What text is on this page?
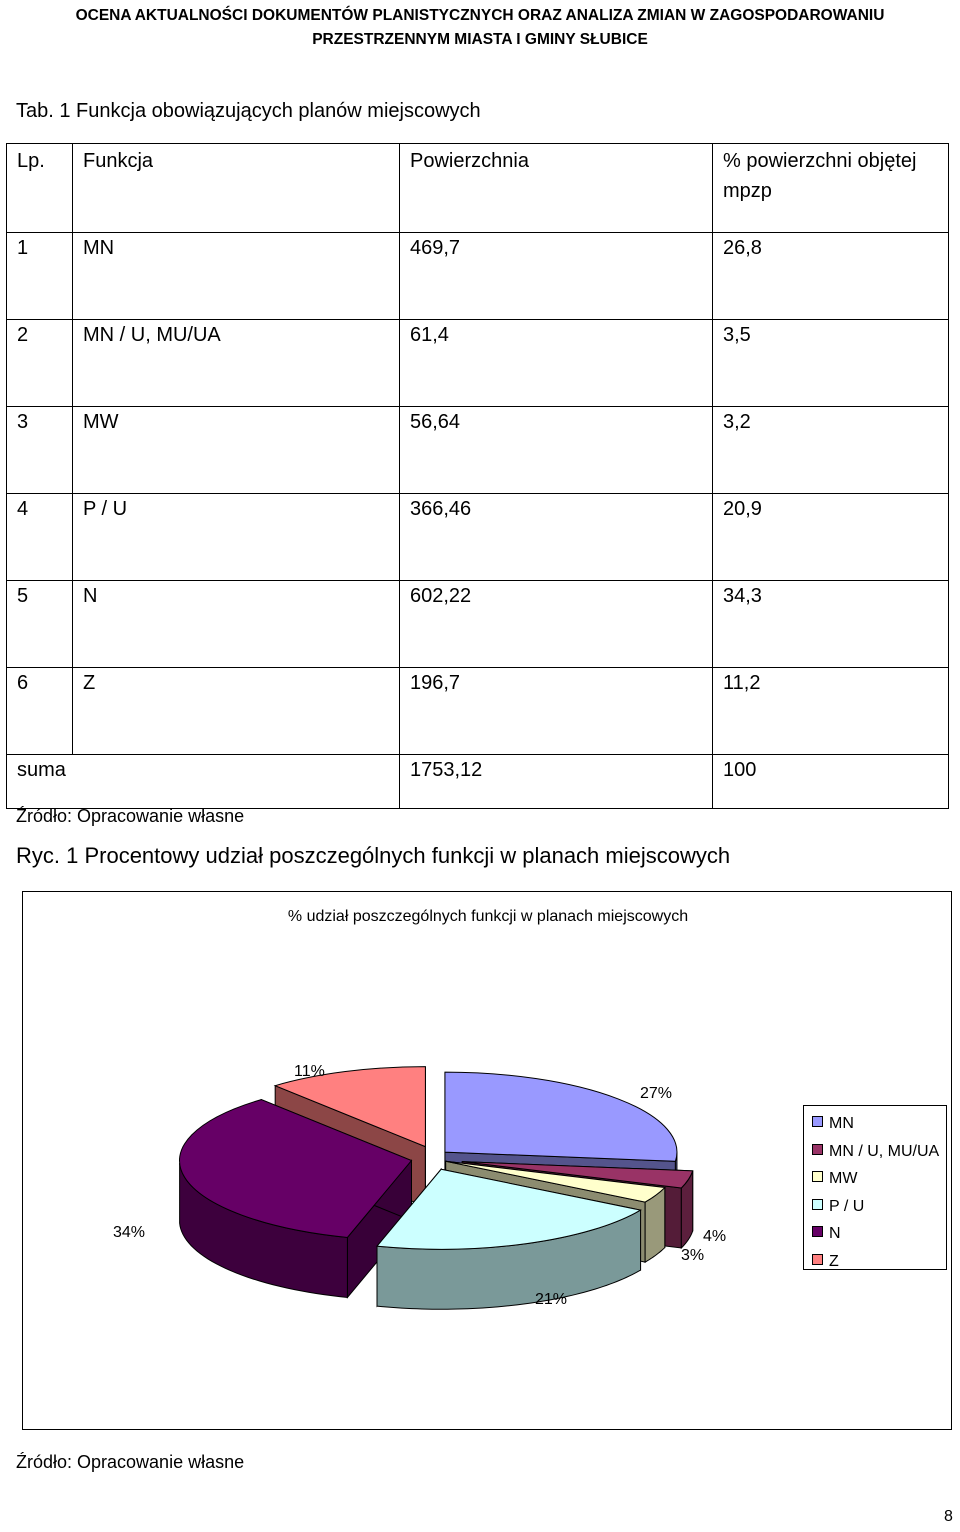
OCENA AKTUALNOŚCI DOKUMENTÓW PLANISTYCZNYCH ORAZ ANALIZA ZMIAN W ZAGOSPODAROWANIU
PRZESTRZENNYM MIASTA I GMINY SŁUBICE
Tab. 1 Funkcja obowiązujących planów miejscowych
Lp.	Funkcja	Powierzchnia	% powierzchni objętej mpzp
1	MN	469,7	26,8
2	MN / U, MU/UA	61,4	3,5
3	MW	56,64	3,2
4	P / U	366,46	20,9
5	N	602,22	34,3
6	Z	196,7	11,2
suma		1753,12	100
Źródło: Opracowanie własne
Ryc. 1 Procentowy udział poszczególnych funkcji w planach miejscowych
% udział poszczególnych funkcji w planach miejscowych
27%
4%
3%
21%
34%
11%
MN
MN / U, MU/UA
MW
P / U
N
Z
Źródło: Opracowanie własne
8
